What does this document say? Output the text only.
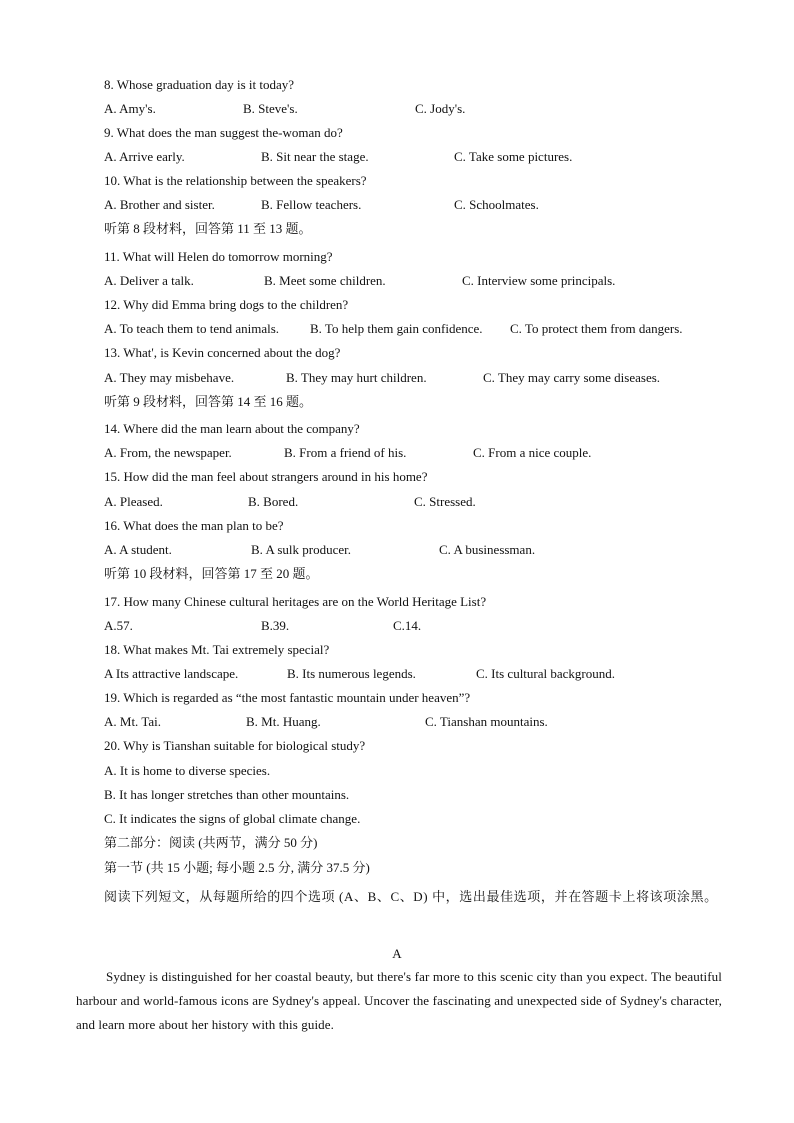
8. Whose graduation day is it today?
A. Amy's.	B. Steve's.	C. Jody's.
9. What does the man suggest the-woman do?
A. Arrive early.	B. Sit near the stage.	C. Take some pictures.
10. What is the relationship between the speakers?
A. Brother and sister.	B. Fellow teachers.	C. Schoolmates.
听第 8 段材料，回答第 11 至 13 题。
11. What will Helen do tomorrow morning?
A. Deliver a talk.	B. Meet some children.	C. Interview some principals.
12. Why did Emma bring dogs to the children?
A. To teach them to tend animals. B. To help them gain confidence. C. To protect them from dangers.
13. What', is Kevin concerned about the dog?
A. They may misbehave.	B. They may hurt children.	C. They may carry some diseases.
听第 9 段材料，回答第 14 至 16 题。
14. Where did the man learn about the company?
A. From, the newspaper.	B. From a friend of his.	C. From a nice couple.
15. How did the man feel about strangers around in his home?
A. Pleased.	B. Bored.	C. Stressed.
16. What does the man plan to be?
A. A student.	B. A sulk producer.	C. A businessman.
听第 10 段材料，回答第 17 至 20 题。
17. How many Chinese cultural heritages are on the World Heritage List?
A.57.	B.39.	C.14.
18. What makes Mt. Tai extremely special?
A Its attractive landscape.	B. Its numerous legends.	C. Its cultural background.
19. Which is regarded as “the most fantastic mountain under heaven”?
A. Mt. Tai.	B. Mt. Huang.	C. Tianshan mountains.
20. Why is Tianshan suitable for biological study?
A. It is home to diverse species.
B. It has longer stretches than other mountains.
C. It indicates the signs of global climate change.
第二部分：阅读 (共两节，满分 50 分)
第一节 (共 15 小题; 每小题 2.5 分, 满分 37.5 分)
阅读下列短文，从每题所给的四个选项 (A、B、C、D) 中，选出最佳选项，并在答题卡上将该项涂黑。
A
Sydney is distinguished for her coastal beauty, but there's far more to this scenic city than you expect. The beautiful harbour and world-famous icons are Sydney's appeal. Uncover the fascinating and unexpected side of Sydney's character, and learn more about her history with this guide.
